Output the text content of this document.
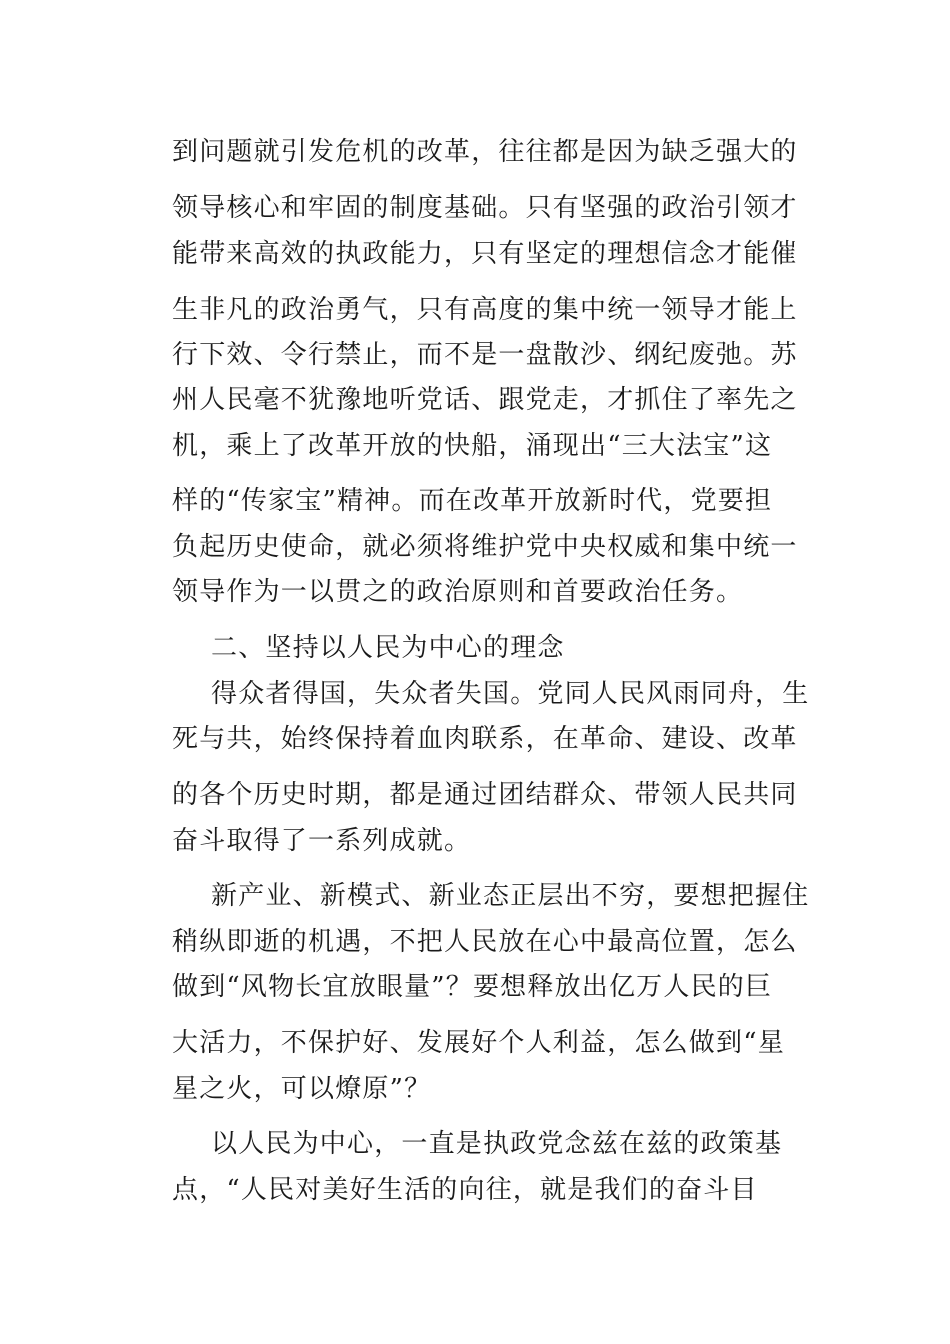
到问题就引发危机的改革，往往都是因为缺乏强大的
领导核心和牢固的制度基础。只有坚强的政治引领才
能带来高效的执政能力，只有坚定的理想信念才能催
生非凡的政治勇气，只有高度的集中统一领导才能上
行下效、令行禁止，而不是一盘散沙、纲纪废弛。苏
州人民毫不犹豫地听党话、跟党走，才抓住了率先之
机，乘上了改革开放的快船，涌现出“三大法宝”这
样的“传家宝”精神。而在改革开放新时代，党要担
负起历史使命，就必须将维护党中央权威和集中统一
领导作为一以贯之的政治原则和首要政治任务。
二、坚持以人民为中心的理念
得众者得国，失众者失国。党同人民风雨同舟，生
死与共，始终保持着血肉联系，在革命、建设、改革
的各个历史时期，都是通过团结群众、带领人民共同
奋斗取得了一系列成就。
新产业、新模式、新业态正层出不穷，要想把握住
稍纵即逝的机遇，不把人民放在心中最高位置，怎么
做到“风物长宜放眼量”？要想释放出亿万人民的巨
大活力，不保护好、发展好个人利益，怎么做到“星
星之火，可以燎原”？
以人民为中心，一直是执政党念兹在兹的政策基
点，“人民对美好生活的向往，就是我们的奋斗目
